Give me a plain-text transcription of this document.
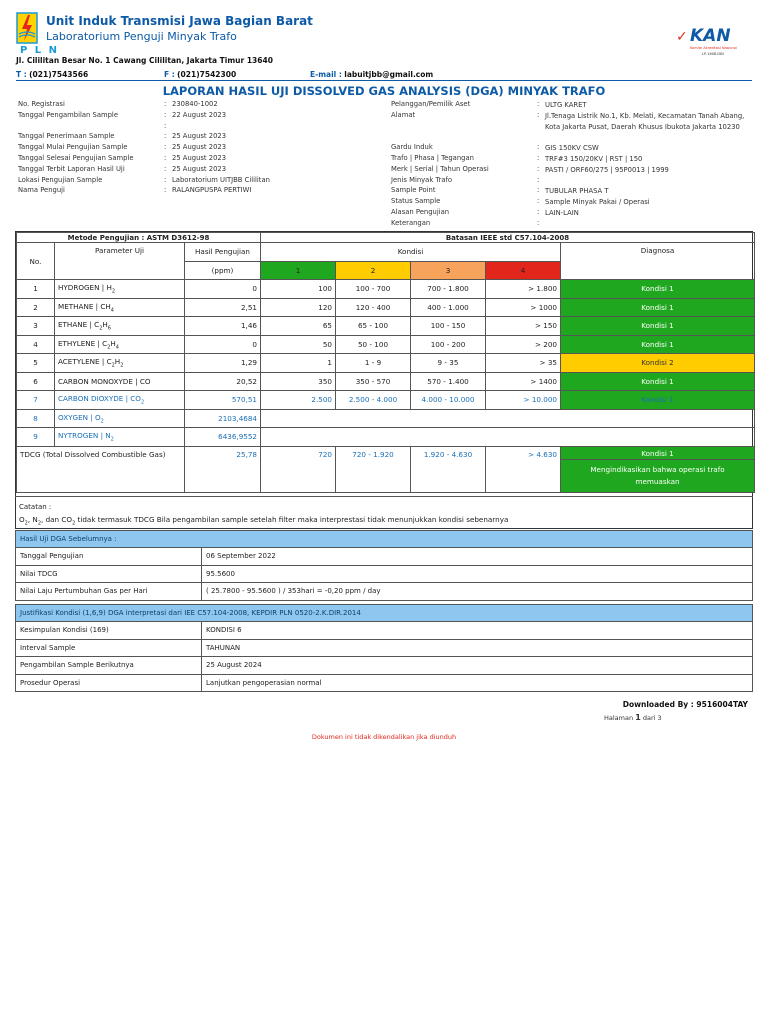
P L N
Unit Induk Transmisi Jawa Bagian Barat
Laboratorium Penguji Minyak Trafo
Jl. Cililitan Besar No. 1 Cawang Cililitan, Jakarta Timur 13640
T : (021)7543566	F : (021)7542300	E-mail : labuitjbb@gmail.com
✓ KAN
Komite Akreditasi Nasional
LP-1608-IDN
LAPORAN HASIL UJI DISSOLVED GAS ANALYSIS (DGA) MINYAK TRAFO
No. Registrasi	: 230840-1002
Tanggal Pengambilan Sample	: 22 August 2023
:
Tanggal Penerimaan Sample	: 25 August 2023
Tanggal Mulai Pengujian Sample	: 25 August 2023
Tanggal Selesai Pengujian Sample	: 25 August 2023
Tanggal Terbit Laporan Hasil Uji	: 25 August 2023
Lokasi Pengujian Sample	: Laboratorium UITJBB Cililitan
Nama Penguji	: RALANGPUSPA PERTIWI
Pelanggan/Pemilik Aset	: ULTG KARET
Alamat	: Jl.Tenaga Listrik No.1, Kb. Melati, Kecamatan Tanah Abang, Kota Jakarta Pusat, Daerah Khusus Ibukota Jakarta 10230
Gardu Induk	: GIS 150KV CSW
Trafo | Phasa | Tegangan	: TRF#3 150/20KV | RST | 150
Merk | Serial | Tahun Operasi	: PASTI / ORF60/275 | 95P0013 | 1999
Jenis Minyak Trafo	:
Sample Point	: TUBULAR PHASA T
Status Sample	: Sample Minyak Pakai / Operasi
Alasan Pengujian	: LAIN-LAIN
Keterangan	:
Metode Pengujian : ASTM D3612-98			Batasan IEEE std C57.104-2008				
No.	Parameter Uji	Hasil Pengujian	Kondisi				Diagnosa
		(ppm)	1	2	3	4	
1	HYDROGEN | $H_2$	0	100	100 - 700	700 - 1.800	> 1.800	Kondisi 1
2	METHANE | $CH_4$	2,51	120	120 - 400	400 - 1.000	> 1000	Kondisi 1
3	ETHANE | $C_2H_6$	1,46	65	65 - 100	100 - 150	> 150	Kondisi 1
4	ETHYLENE | $C_2H_4$	0	50	50 - 100	100 - 200	> 200	Kondisi 1
5	ACETYLENE | $C_2H_2$	1,29	1	1 - 9	9 - 35	> 35	Kondisi 2
6	CARBON MONOXYDE | CO	20,52	350	350 - 570	570 - 1.400	> 1400	Kondisi 1
7	CARBON DIOXYDE | $CO_2$	570,51	2.500	2.500 - 4.000	4.000 - 10.000	> 10.000	Kondisi 1
8	OXYGEN | $O_2$	2103,4684					
9	NYTROGEN | $N_2$	6436,9552					
TDCG (Total Dissolved Combustible Gas)		25,78	720	720 - 1.920	1.920 - 4.630	> 4.630	Kondisi 1
Mengindikasikan bahwa operasi trafo memuaskan
Catatan :
$O_2$, $N_2$, dan $CO_2$ tidak termasuk TDCG Bila pengambilan sample setelah filter maka interprestasi tidak menunjukkan kondisi sebenarnya
Hasil Uji DGA Sebelumnya :	
Tanggal Pengujian	06 September 2022
Nilai TDCG	95.5600
Nilai Laju Pertumbuhan Gas per Hari	( 25.7800 - 95.5600 ) / 353hari = -0,20 ppm / day
Justifikasi Kondisi (1,6,9) DGA interpretasi dari IEE C57.104-2008, KEPDIR PLN 0520-2.K.DIR.2014	
Kesimpulan Kondisi (169)	KONDISI 6
Interval Sample	TAHUNAN
Pengambilan Sample Berikutnya	25 August 2024
Prosedur Operasi	Lanjutkan pengoperasian normal
Downloaded By : 9516004TAY
Halaman 1 dari 3
Dokumen ini tidak dikendalikan jika diunduh
